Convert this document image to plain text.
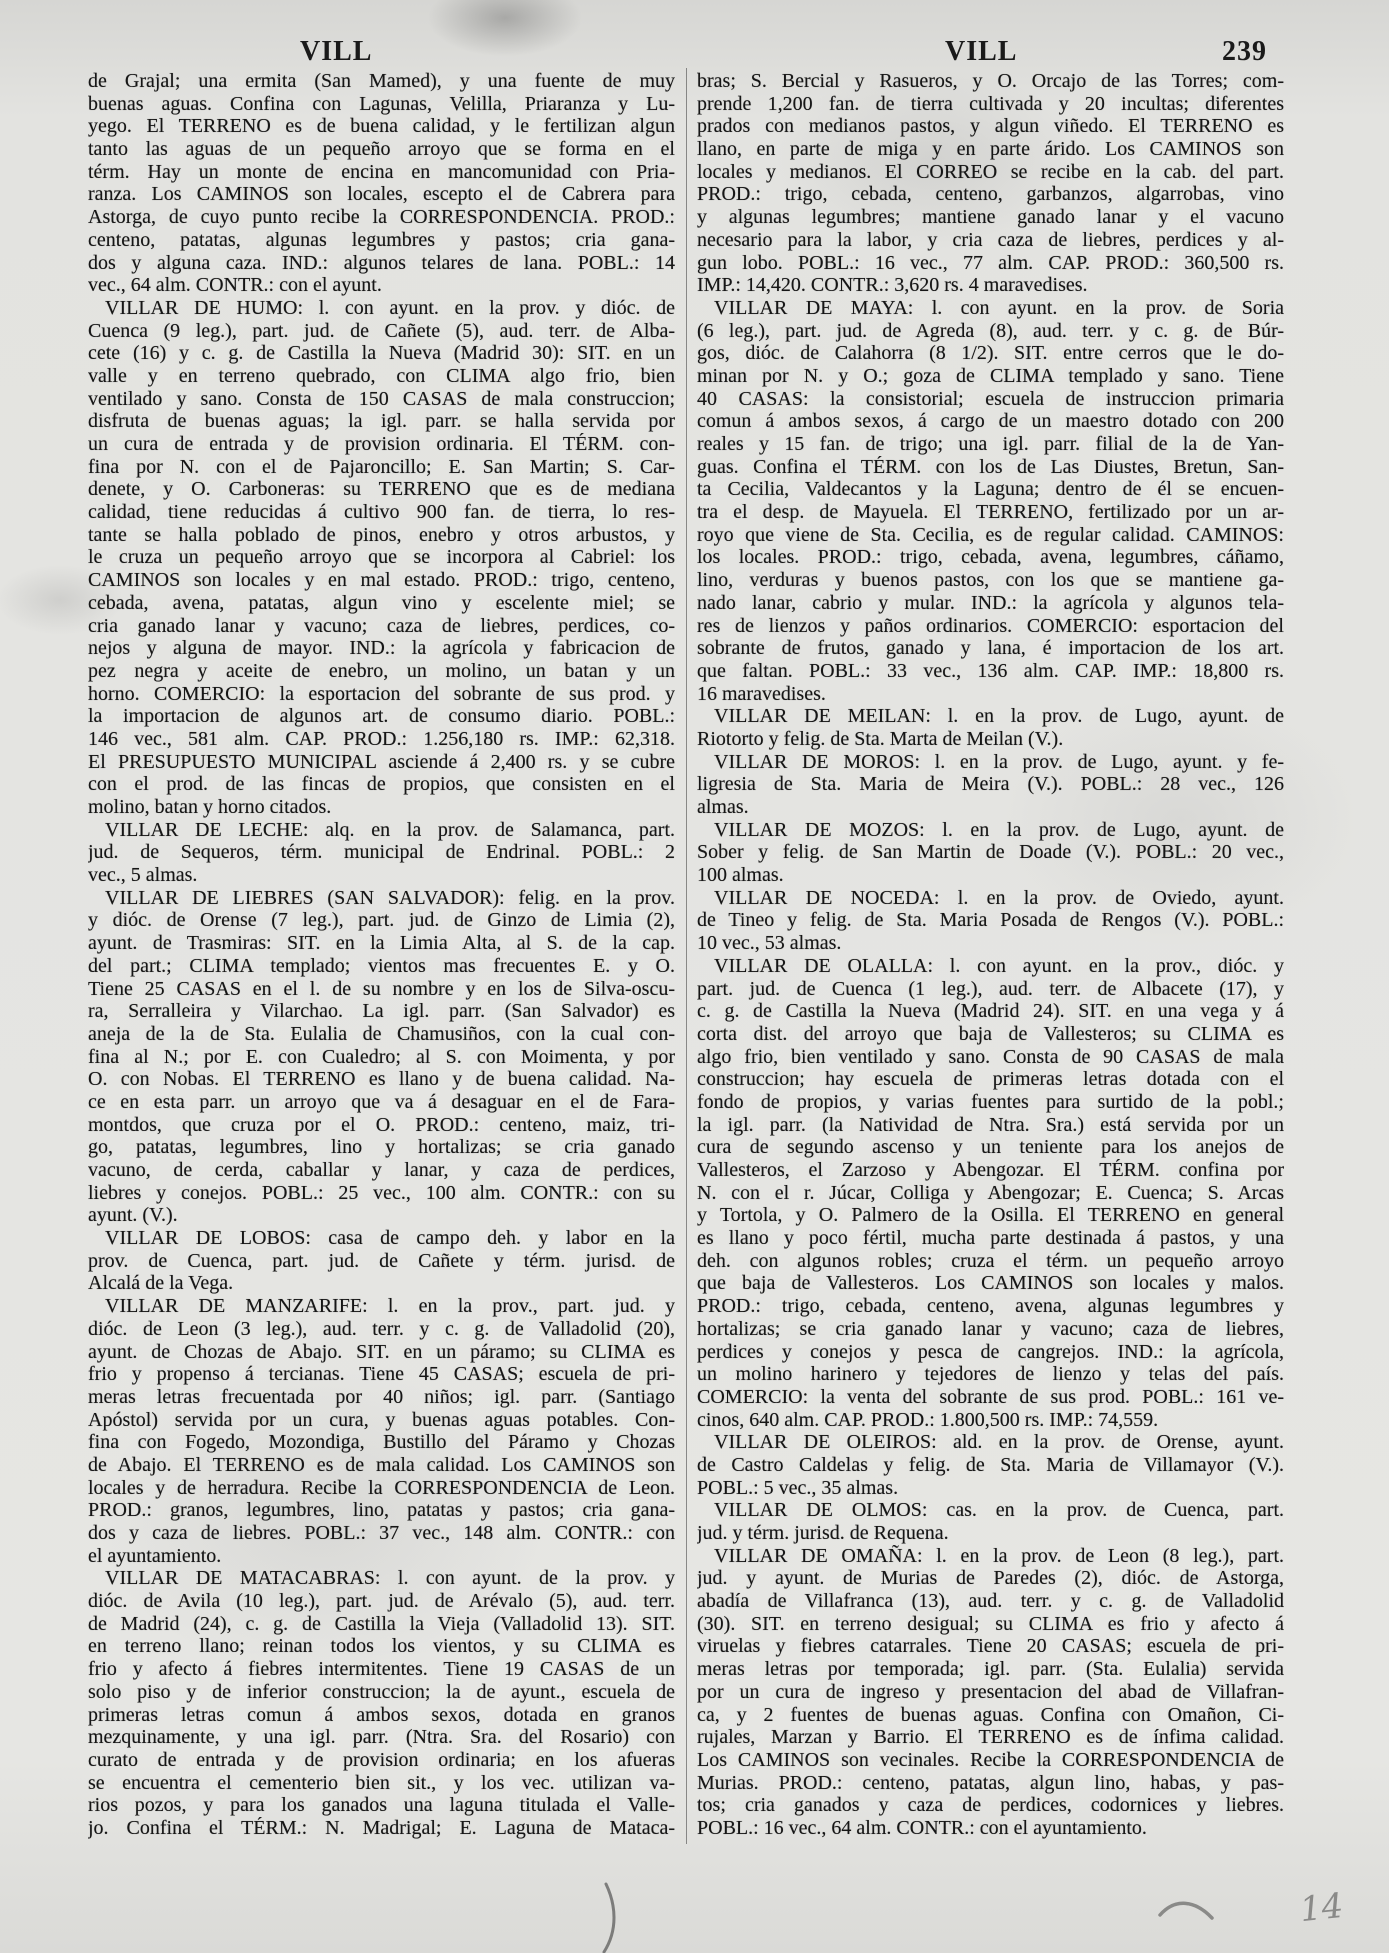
VILL	VILL	239
de Grajal; una ermita (San Mamed), y una fuente de muy
buenas aguas. Confina con Lagunas, Velilla, Priaranza y Lu-
yego. El TERRENO es de buena calidad, y le fertilizan algun
tanto las aguas de un pequeño arroyo que se forma en el
térm. Hay un monte de encina en mancomunidad con Pria-
ranza. Los CAMINOS son locales, escepto el de Cabrera para
Astorga, de cuyo punto recibe la CORRESPONDENCIA. PROD.:
centeno, patatas, algunas legumbres y pastos; cria gana-
dos y alguna caza. IND.: algunos telares de lana. POBL.: 14
vec., 64 alm. CONTR.: con el ayunt.
VILLAR DE HUMO: l. con ayunt. en la prov. y dióc. de
Cuenca (9 leg.), part. jud. de Cañete (5), aud. terr. de Alba-
cete (16) y c. g. de Castilla la Nueva (Madrid 30): SIT. en un
valle y en terreno quebrado, con CLIMA algo frio, bien
ventilado y sano. Consta de 150 CASAS de mala construccion;
disfruta de buenas aguas; la igl. parr. se halla servida por
un cura de entrada y de provision ordinaria. El TÉRM. con-
fina por N. con el de Pajaroncillo; E. San Martin; S. Car-
denete, y O. Carboneras: su TERRENO que es de mediana
calidad, tiene reducidas á cultivo 900 fan. de tierra, lo res-
tante se halla poblado de pinos, enebro y otros arbustos, y
le cruza un pequeño arroyo que se incorpora al Cabriel: los
CAMINOS son locales y en mal estado. PROD.: trigo, centeno,
cebada, avena, patatas, algun vino y escelente miel; se
cria ganado lanar y vacuno; caza de liebres, perdices, co-
nejos y alguna de mayor. IND.: la agrícola y fabricacion de
pez negra y aceite de enebro, un molino, un batan y un
horno. COMERCIO: la esportacion del sobrante de sus prod. y
la importacion de algunos art. de consumo diario. POBL.:
146 vec., 581 alm. CAP. PROD.: 1.256,180 rs. IMP.: 62,318.
El PRESUPUESTO MUNICIPAL asciende á 2,400 rs. y se cubre
con el prod. de las fincas de propios, que consisten en el
molino, batan y horno citados.
VILLAR DE LECHE: alq. en la prov. de Salamanca, part.
jud. de Sequeros, térm. municipal de Endrinal. POBL.: 2
vec., 5 almas.
VILLAR DE LIEBRES (SAN SALVADOR): felig. en la prov.
y dióc. de Orense (7 leg.), part. jud. de Ginzo de Limia (2),
ayunt. de Trasmiras: SIT. en la Limia Alta, al S. de la cap.
del part.; CLIMA templado; vientos mas frecuentes E. y O.
Tiene 25 CASAS en el l. de su nombre y en los de Silva-oscu-
ra, Serralleira y Vilarchao. La igl. parr. (San Salvador) es
aneja de la de Sta. Eulalia de Chamusiños, con la cual con-
fina al N.; por E. con Cualedro; al S. con Moimenta, y por
O. con Nobas. El TERRENO es llano y de buena calidad. Na-
ce en esta parr. un arroyo que va á desaguar en el de Fara-
montdos, que cruza por el O. PROD.: centeno, maiz, tri-
go, patatas, legumbres, lino y hortalizas; se cria ganado
vacuno, de cerda, caballar y lanar, y caza de perdices,
liebres y conejos. POBL.: 25 vec., 100 alm. CONTR.: con su
ayunt. (V.).
VILLAR DE LOBOS: casa de campo deh. y labor en la
prov. de Cuenca, part. jud. de Cañete y térm. jurisd. de
Alcalá de la Vega.
VILLAR DE MANZARIFE: l. en la prov., part. jud. y
dióc. de Leon (3 leg.), aud. terr. y c. g. de Valladolid (20),
ayunt. de Chozas de Abajo. SIT. en un páramo; su CLIMA es
frio y propenso á tercianas. Tiene 45 CASAS; escuela de pri-
meras letras frecuentada por 40 niños; igl. parr. (Santiago
Apóstol) servida por un cura, y buenas aguas potables. Con-
fina con Fogedo, Mozondiga, Bustillo del Páramo y Chozas
de Abajo. El TERRENO es de mala calidad. Los CAMINOS son
locales y de herradura. Recibe la CORRESPONDENCIA de Leon.
PROD.: granos, legumbres, lino, patatas y pastos; cria gana-
dos y caza de liebres. POBL.: 37 vec., 148 alm. CONTR.: con
el ayuntamiento.
VILLAR DE MATACABRAS: l. con ayunt. de la prov. y
dióc. de Avila (10 leg.), part. jud. de Arévalo (5), aud. terr.
de Madrid (24), c. g. de Castilla la Vieja (Valladolid 13). SIT.
en terreno llano; reinan todos los vientos, y su CLIMA es
frio y afecto á fiebres intermitentes. Tiene 19 CASAS de un
solo piso y de inferior construccion; la de ayunt., escuela de
primeras letras comun á ambos sexos, dotada en granos
mezquinamente, y una igl. parr. (Ntra. Sra. del Rosario) con
curato de entrada y de provision ordinaria; en los afueras
se encuentra el cementerio bien sit., y los vec. utilizan va-
rios pozos, y para los ganados una laguna titulada el Valle-
jo. Confina el TÉRM.: N. Madrigal; E. Laguna de Mataca-
bras; S. Bercial y Rasueros, y O. Orcajo de las Torres; com-
prende 1,200 fan. de tierra cultivada y 20 incultas; diferentes
prados con medianos pastos, y algun viñedo. El TERRENO es
llano, en parte de miga y en parte árido. Los CAMINOS son
locales y medianos. El CORREO se recibe en la cab. del part.
PROD.: trigo, cebada, centeno, garbanzos, algarrobas, vino
y algunas legumbres; mantiene ganado lanar y el vacuno
necesario para la labor, y cria caza de liebres, perdices y al-
gun lobo. POBL.: 16 vec., 77 alm. CAP. PROD.: 360,500 rs.
IMP.: 14,420. CONTR.: 3,620 rs. 4 maravedises.
VILLAR DE MAYA: l. con ayunt. en la prov. de Soria
(6 leg.), part. jud. de Agreda (8), aud. terr. y c. g. de Búr-
gos, dióc. de Calahorra (8 1/2). SIT. entre cerros que le do-
minan por N. y O.; goza de CLIMA templado y sano. Tiene
40 CASAS: la consistorial; escuela de instruccion primaria
comun á ambos sexos, á cargo de un maestro dotado con 200
reales y 15 fan. de trigo; una igl. parr. filial de la de Yan-
guas. Confina el TÉRM. con los de Las Diustes, Bretun, San-
ta Cecilia, Valdecantos y la Laguna; dentro de él se encuen-
tra el desp. de Mayuela. El TERRENO, fertilizado por un ar-
royo que viene de Sta. Cecilia, es de regular calidad. CAMINOS:
los locales. PROD.: trigo, cebada, avena, legumbres, cáñamo,
lino, verduras y buenos pastos, con los que se mantiene ga-
nado lanar, cabrio y mular. IND.: la agrícola y algunos tela-
res de lienzos y paños ordinarios. COMERCIO: esportacion del
sobrante de frutos, ganado y lana, é importacion de los art.
que faltan. POBL.: 33 vec., 136 alm. CAP. IMP.: 18,800 rs.
16 maravedises.
VILLAR DE MEILAN: l. en la prov. de Lugo, ayunt. de
Riotorto y felig. de Sta. Marta de Meilan (V.).
VILLAR DE MOROS: l. en la prov. de Lugo, ayunt. y fe-
ligresia de Sta. Maria de Meira (V.). POBL.: 28 vec., 126
almas.
VILLAR DE MOZOS: l. en la prov. de Lugo, ayunt. de
Sober y felig. de San Martin de Doade (V.). POBL.: 20 vec.,
100 almas.
VILLAR DE NOCEDA: l. en la prov. de Oviedo, ayunt.
de Tineo y felig. de Sta. Maria Posada de Rengos (V.). POBL.:
10 vec., 53 almas.
VILLAR DE OLALLA: l. con ayunt. en la prov., dióc. y
part. jud. de Cuenca (1 leg.), aud. terr. de Albacete (17), y
c. g. de Castilla la Nueva (Madrid 24). SIT. en una vega y á
corta dist. del arroyo que baja de Vallesteros; su CLIMA es
algo frio, bien ventilado y sano. Consta de 90 CASAS de mala
construccion; hay escuela de primeras letras dotada con el
fondo de propios, y varias fuentes para surtido de la pobl.;
la igl. parr. (la Natividad de Ntra. Sra.) está servida por un
cura de segundo ascenso y un teniente para los anejos de
Vallesteros, el Zarzoso y Abengozar. El TÉRM. confina por
N. con el r. Júcar, Colliga y Abengozar; E. Cuenca; S. Arcas
y Tortola, y O. Palmero de la Osilla. El TERRENO en general
es llano y poco fértil, mucha parte destinada á pastos, y una
deh. con algunos robles; cruza el térm. un pequeño arroyo
que baja de Vallesteros. Los CAMINOS son locales y malos.
PROD.: trigo, cebada, centeno, avena, algunas legumbres y
hortalizas; se cria ganado lanar y vacuno; caza de liebres,
perdices y conejos y pesca de cangrejos. IND.: la agrícola,
un molino harinero y tejedores de lienzo y telas del país.
COMERCIO: la venta del sobrante de sus prod. POBL.: 161 ve-
cinos, 640 alm. CAP. PROD.: 1.800,500 rs. IMP.: 74,559.
VILLAR DE OLEIROS: ald. en la prov. de Orense, ayunt.
de Castro Caldelas y felig. de Sta. Maria de Villamayor (V.).
POBL.: 5 vec., 35 almas.
VILLAR DE OLMOS: cas. en la prov. de Cuenca, part.
jud. y térm. jurisd. de Requena.
VILLAR DE OMAÑA: l. en la prov. de Leon (8 leg.), part.
jud. y ayunt. de Murias de Paredes (2), dióc. de Astorga,
abadía de Villafranca (13), aud. terr. y c. g. de Valladolid
(30). SIT. en terreno desigual; su CLIMA es frio y afecto á
viruelas y fiebres catarrales. Tiene 20 CASAS; escuela de pri-
meras letras por temporada; igl. parr. (Sta. Eulalia) servida
por un cura de ingreso y presentacion del abad de Villafran-
ca, y 2 fuentes de buenas aguas. Confina con Omañon, Ci-
rujales, Marzan y Barrio. El TERRENO es de ínfima calidad.
Los CAMINOS son vecinales. Recibe la CORRESPONDENCIA de
Murias. PROD.: centeno, patatas, algun lino, habas, y pas-
tos; cria ganados y caza de perdices, codornices y liebres.
POBL.: 16 vec., 64 alm. CONTR.: con el ayuntamiento.
14
